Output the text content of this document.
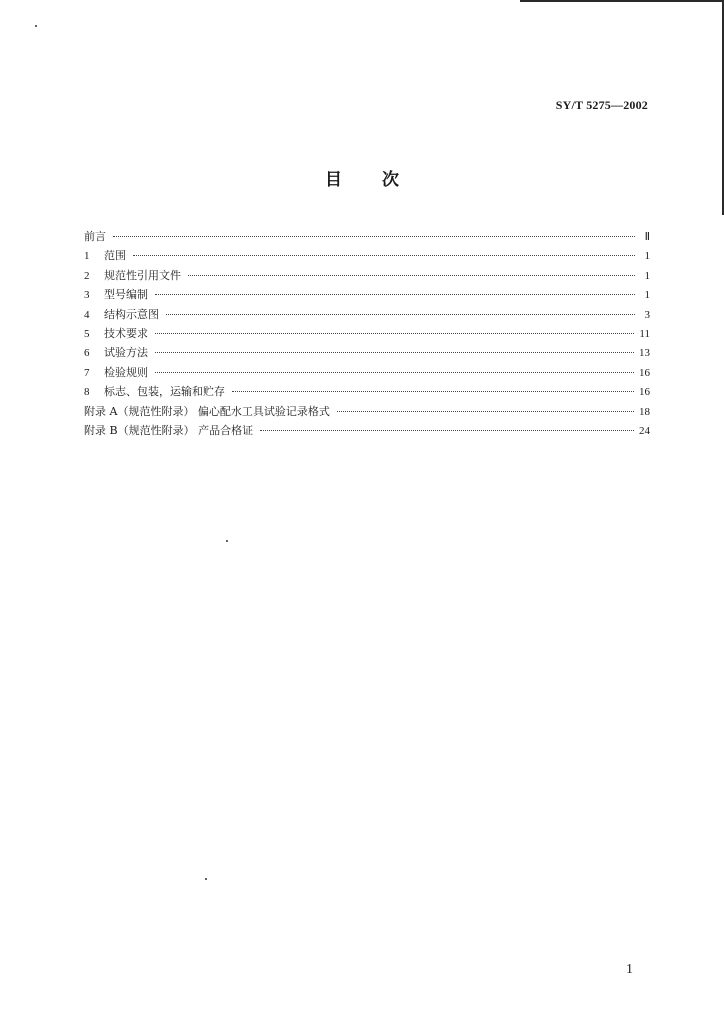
SY/T 5275—2002
目 次
前言	Ⅱ
1	范围	1
2	规范性引用文件	1
3	型号编制	1
4	结构示意图	3
5	技术要求	11
6	试验方法	13
7	检验规则	16
8	标志、包装，运输和贮存	16
附录 A（规范性附录） 偏心配水工具试验记录格式	18
附录 B（规范性附录） 产品合格证	24
1
